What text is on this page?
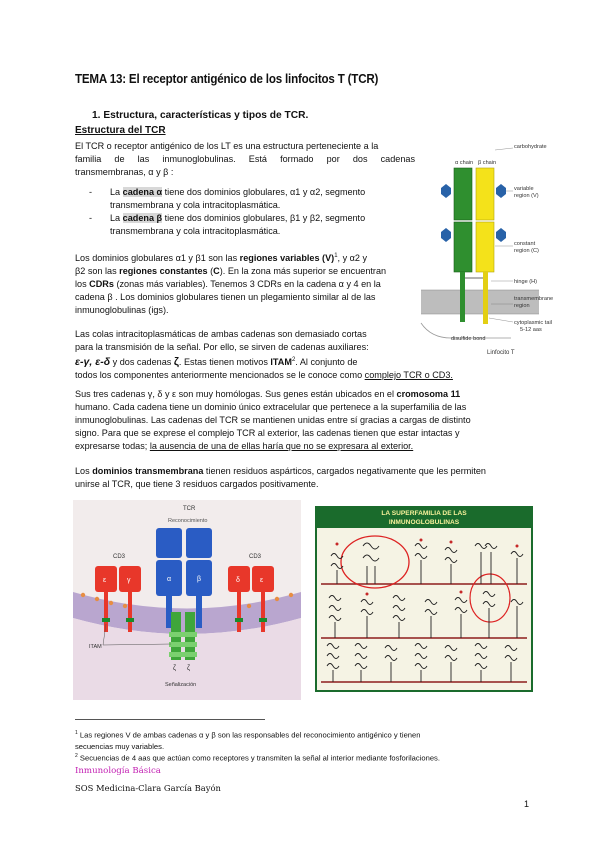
TEMA 13: El receptor antigénico de los linfocitos T (TCR)
1. Estructura, características y tipos de TCR.
Estructura del TCR
El TCR o receptor antigénico de los LT es una estructura perteneciente a la
familia de las inmunoglobulinas. Está formado por dos cadenas
transmembranas, α y β :
- La cadena α tiene dos dominios globulares, α1 y α2, segmento
transmembrana y cola intracitoplasmática.
- La cadena β tiene dos dominios globulares, β1 y β2, segmento
transmembrana y cola intracitoplasmática.
Los dominios globulares α1 y β1 son las regiones variables $(V)^1$, y α2 y
β2 son las regiones constantes (C). En la zona más superior se encuentran
los CDRs (zonas más variables). Tenemos 3 CDRs en la cadena α y 4 en la
cadena β . Los dominios globulares tienen un plegamiento similar al de las
inmunoglobulinas (igs).
Las colas intracitoplasmáticas de ambas cadenas son demasiado cortas
para la transmisión de la señal. Por ello, se sirven de cadenas auxiliares:
ε-γ, ε-δ y dos cadenas ζ. Estas tienen motivos ITAM$^2$. Al conjunto de
todos los componentes anteriormente mencionados se le conoce como complejo TCR o CD3.
Sus tres cadenas γ, δ y ε son muy homólogas. Sus genes están ubicados en el cromosoma 11
humano. Cada cadena tiene un dominio único extracelular que pertenece a la superfamilia de las
inmunoglobulinas. Las cadenas del TCR se mantienen unidas entre sí gracias a cargas de distinto
signo. Para que se exprese el complejo TCR al exterior, las cadenas tienen que estar intactas y
expresarse todas; la ausencia de una de ellas haría que no se expresara al exterior.
Los dominios transmembrana tienen residuos aspárticos, cargados negativamente que les permiten
unirse al TCR, que tiene 3 residuos cargados positivamente.
carbohydrate
α chain β chain
variable
region (V)
constant
region (C)
hinge (H)
transmembrane
region
cytoplasmic tail
5-12 aas
disulfide bond
Linfocito T
TCR
Reconocimiento
α	β
CD3
ε	γ
CD3
δ	ε
ζ ζ
ITAM
Señalización
LA SUPERFAMILIA DE LAS
INMUNOGLOBULINAS
$^1$ Las regiones V de ambas cadenas α y β son las responsables del reconocimiento antigénico y tienen
secuencias muy variables.
$^2$ Secuencias de 4 aas que actúan como receptores y transmiten la señal al interior mediante fosforilaciones.
Inmunología Básica
SOS Medicina-Clara García Bayón
1
